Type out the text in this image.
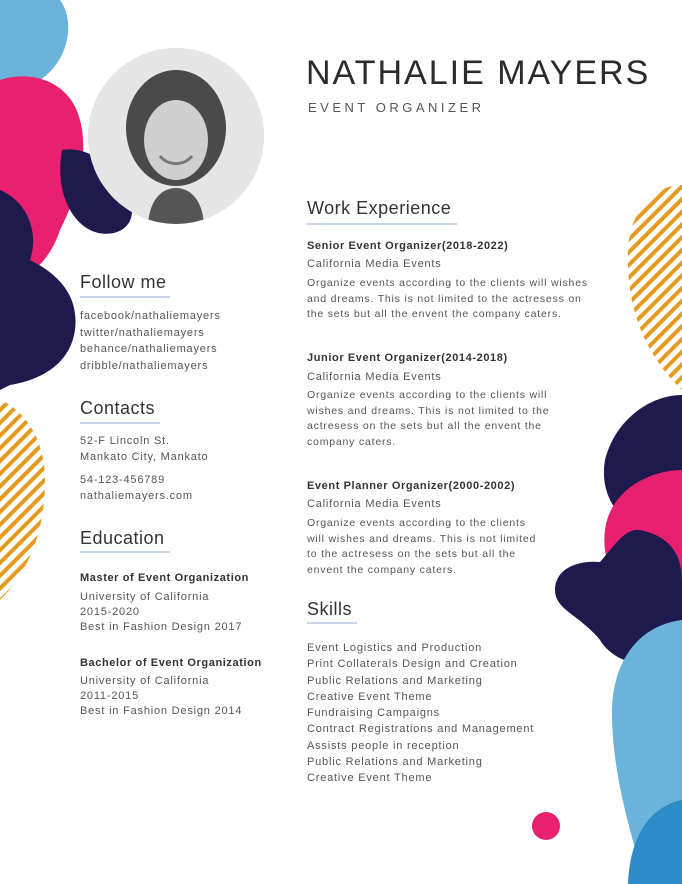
NATHALIE MAYERS
EVENT ORGANIZER
Follow me
facebook/nathaliemayers
twitter/nathaliemayers
behance/nathaliemayers
dribble/nathaliemayers
Contacts
52-F Lincoln St.
Mankato City, Mankato
54-123-456789
nathaliemayers.com
Education
Master of Event Organization
University of California
2015-2020
Best in Fashion Design 2017
Bachelor of Event Organization
University of California
2011-2015
Best in Fashion Design 2014
Work Experience
Senior Event Organizer(2018-2022)
California Media Events
Organize events according to the clients will wishes
and dreams. This is not limited to the actresess on
the sets but all the envent the company caters.
Junior Event Organizer(2014-2018)
California Media Events
Organize events according to the clients will
wishes and dreams. This is not limited to the
actresess on the sets but all the envent the
company caters.
Event Planner Organizer(2000-2002)
California Media Events
Organize events according to the clients
will wishes and dreams. This is not limited
to the actresess on the sets but all the
envent the company caters.
Skills
Event Logistics and Production
Print Collaterals Design and Creation
Public Relations and Marketing
Creative Event Theme
Fundraising Campaigns
Contract Registrations and Management
Assists people in reception
Public Relations and Marketing
Creative Event Theme
